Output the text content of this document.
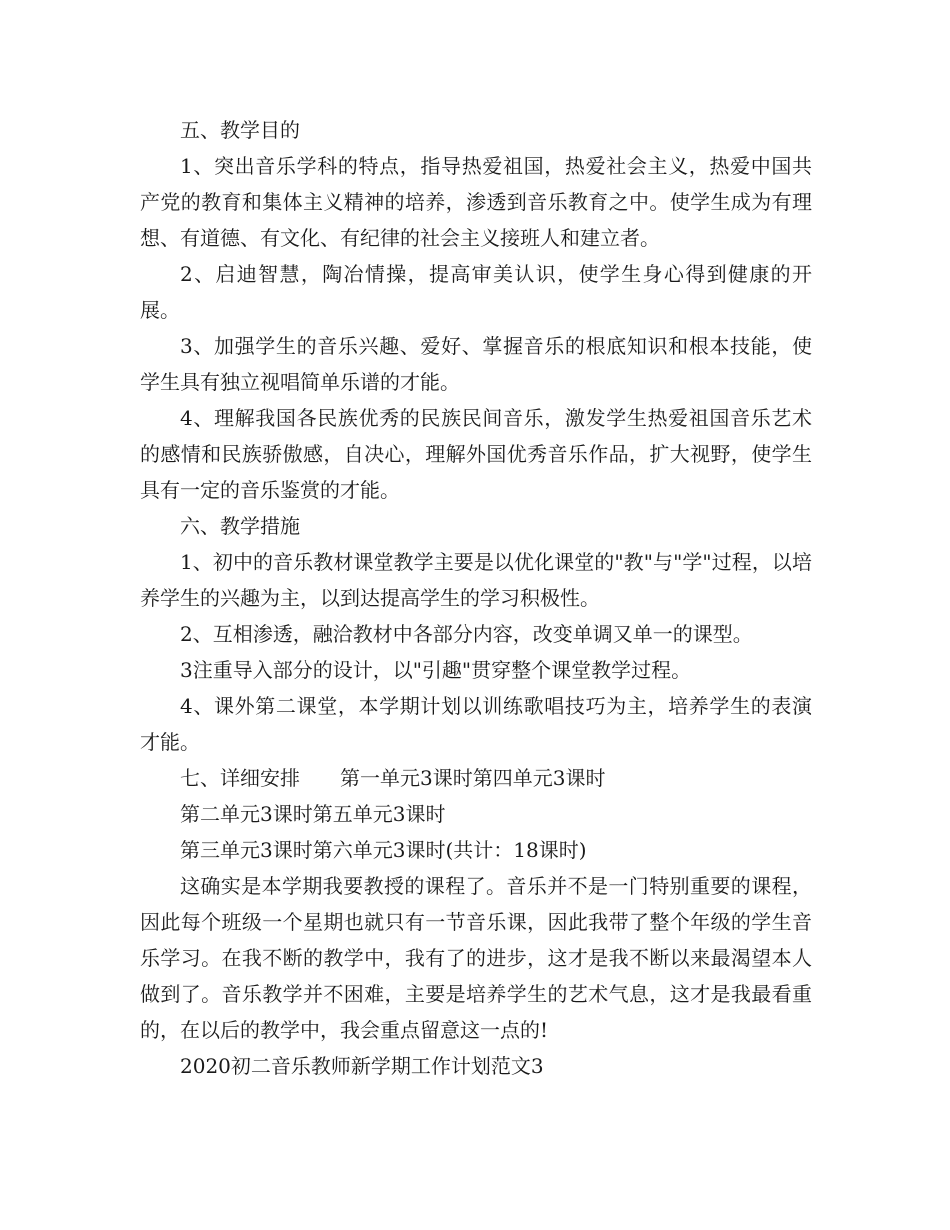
五、教学目的

1、突出音乐学科的特点，指导热爱祖国，热爱社会主义，热爱中国共产党的教育和集体主义精神的培养，渗透到音乐教育之中。使学生成为有理想、有道德、有文化、有纪律的社会主义接班人和建立者。

2、启迪智慧，陶冶情操，提高审美认识，使学生身心得到健康的开展。

3、加强学生的音乐兴趣、爱好、掌握音乐的根底知识和根本技能，使学生具有独立视唱简单乐谱的才能。

4、理解我国各民族优秀的民族民间音乐，激发学生热爱祖国音乐艺术的感情和民族骄傲感，自决心，理解外国优秀音乐作品，扩大视野，使学生具有一定的音乐鉴赏的才能。

六、教学措施

1、初中的音乐教材课堂教学主要是以优化课堂的"教"与"学"过程，以培养学生的兴趣为主，以到达提高学生的学习积极性。

2、互相渗透，融洽教材中各部分内容，改变单调又单一的课型。

3注重导入部分的设计，以"引趣"贯穿整个课堂教学过程。

4、课外第二课堂，本学期计划以训练歌唱技巧为主，培养学生的表演才能。

七、详细安排　　第一单元3课时第四单元3课时

第二单元3课时第五单元3课时

第三单元3课时第六单元3课时(共计：18课时)

这确实是本学期我要教授的课程了。音乐并不是一门特别重要的课程，因此每个班级一个星期也就只有一节音乐课，因此我带了整个年级的学生音乐学习。在我不断的教学中，我有了的进步，这才是我不断以来最渴望本人做到了。音乐教学并不困难，主要是培养学生的艺术气息，这才是我最看重的，在以后的教学中，我会重点留意这一点的!

2020初二音乐教师新学期工作计划范文3
